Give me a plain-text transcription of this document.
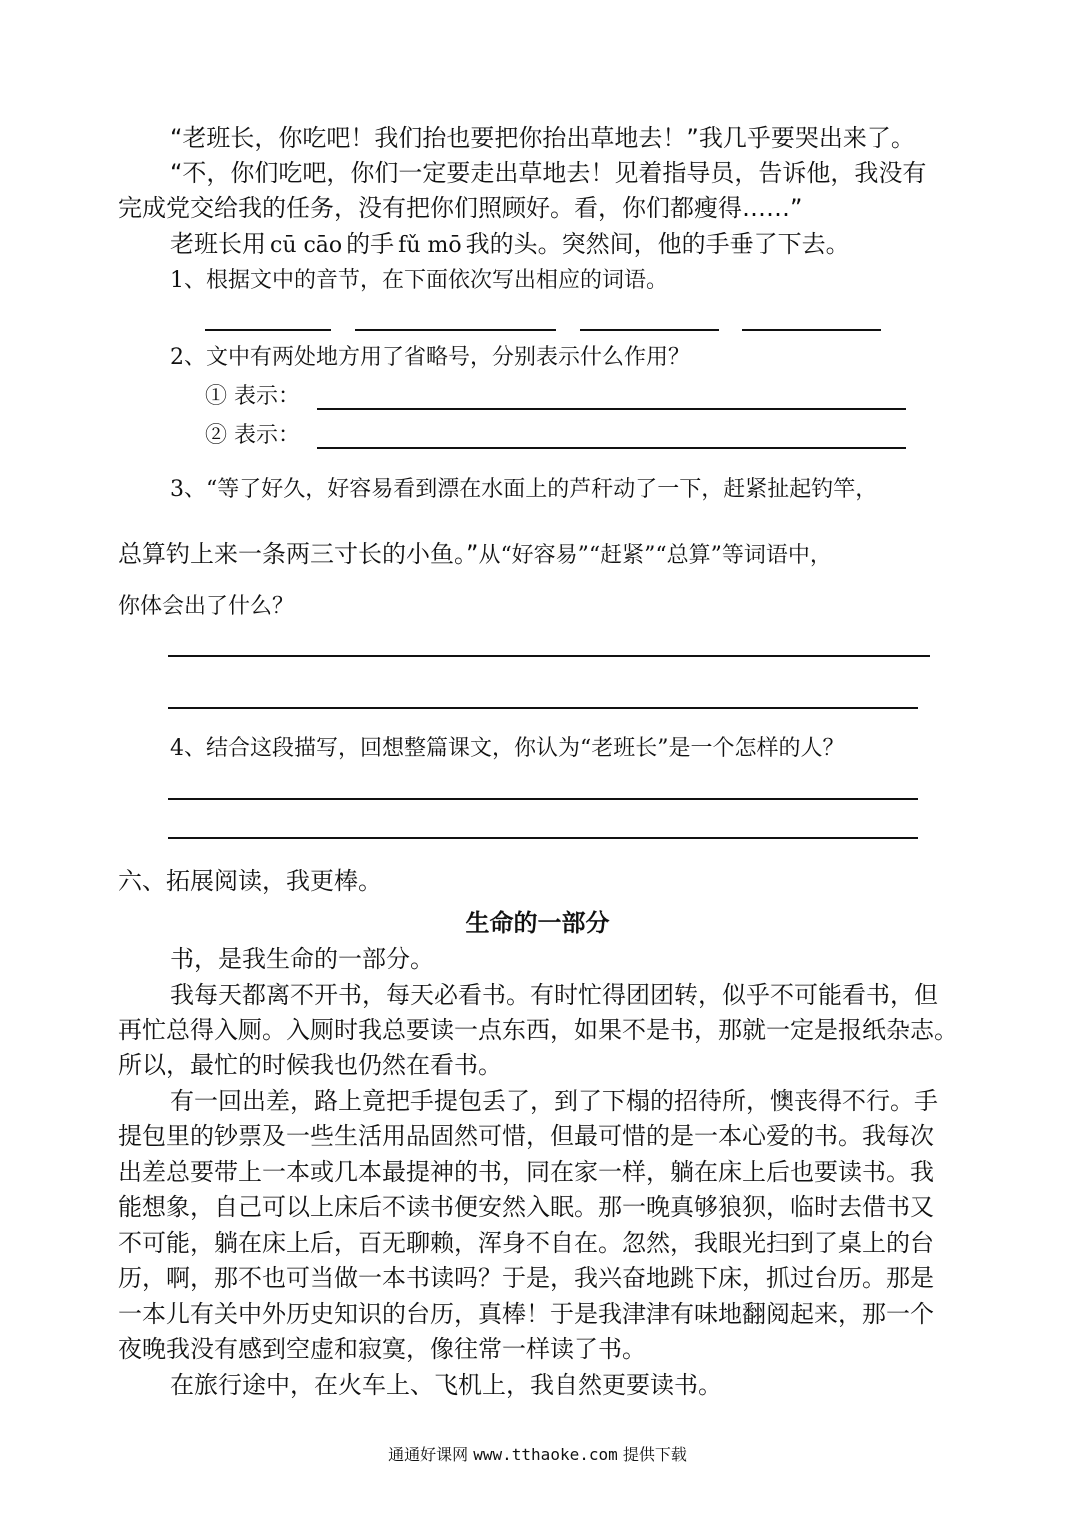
“老班长，你吃吧！我们抬也要把你抬出草地去！”我几乎要哭出来了。
“不，你们吃吧，你们一定要走出草地去！见着指导员，告诉他，我没有
完成党交给我的任务，没有把你们照顾好。看，你们都瘦得……”
老班长用 cū cāo 的手 fǔ mō 我的头。突然间，他的手垂了下去。
1、根据文中的音节，在下面依次写出相应的词语。
2、文中有两处地方用了省略号，分别表示什么作用？
① 表示：
② 表示：
3、“等了好久，好容易看到漂在水面上的芦秆动了一下，赶紧扯起钓竿，
总算钓上来一条两三寸长的小鱼。”从“好容易”“赶紧”“总算”等词语中，
你体会出了什么？
4、结合这段描写，回想整篇课文，你认为“老班长”是一个怎样的人？
六、拓展阅读，我更棒。
生命的一部分
书，是我生命的一部分。
我每天都离不开书，每天必看书。有时忙得团团转，似乎不可能看书，但
再忙总得入厕。入厕时我总要读一点东西，如果不是书，那就一定是报纸杂志。
所以，最忙的时候我也仍然在看书。
有一回出差，路上竟把手提包丢了，到了下榻的招待所，懊丧得不行。手
提包里的钞票及一些生活用品固然可惜，但最可惜的是一本心爱的书。我每次
出差总要带上一本或几本最提神的书，同在家一样，躺在床上后也要读书。我
能想象，自己可以上床后不读书便安然入眠。那一晚真够狼狈，临时去借书又
不可能，躺在床上后，百无聊赖，浑身不自在。忽然，我眼光扫到了桌上的台
历，啊，那不也可当做一本书读吗？于是，我兴奋地跳下床，抓过台历。那是
一本儿有关中外历史知识的台历，真棒！于是我津津有味地翻阅起来，那一个
夜晚我没有感到空虚和寂寞，像往常一样读了书。
在旅行途中，在火车上、飞机上，我自然更要读书。
通通好课网 www.tthaoke.com 提供下载
